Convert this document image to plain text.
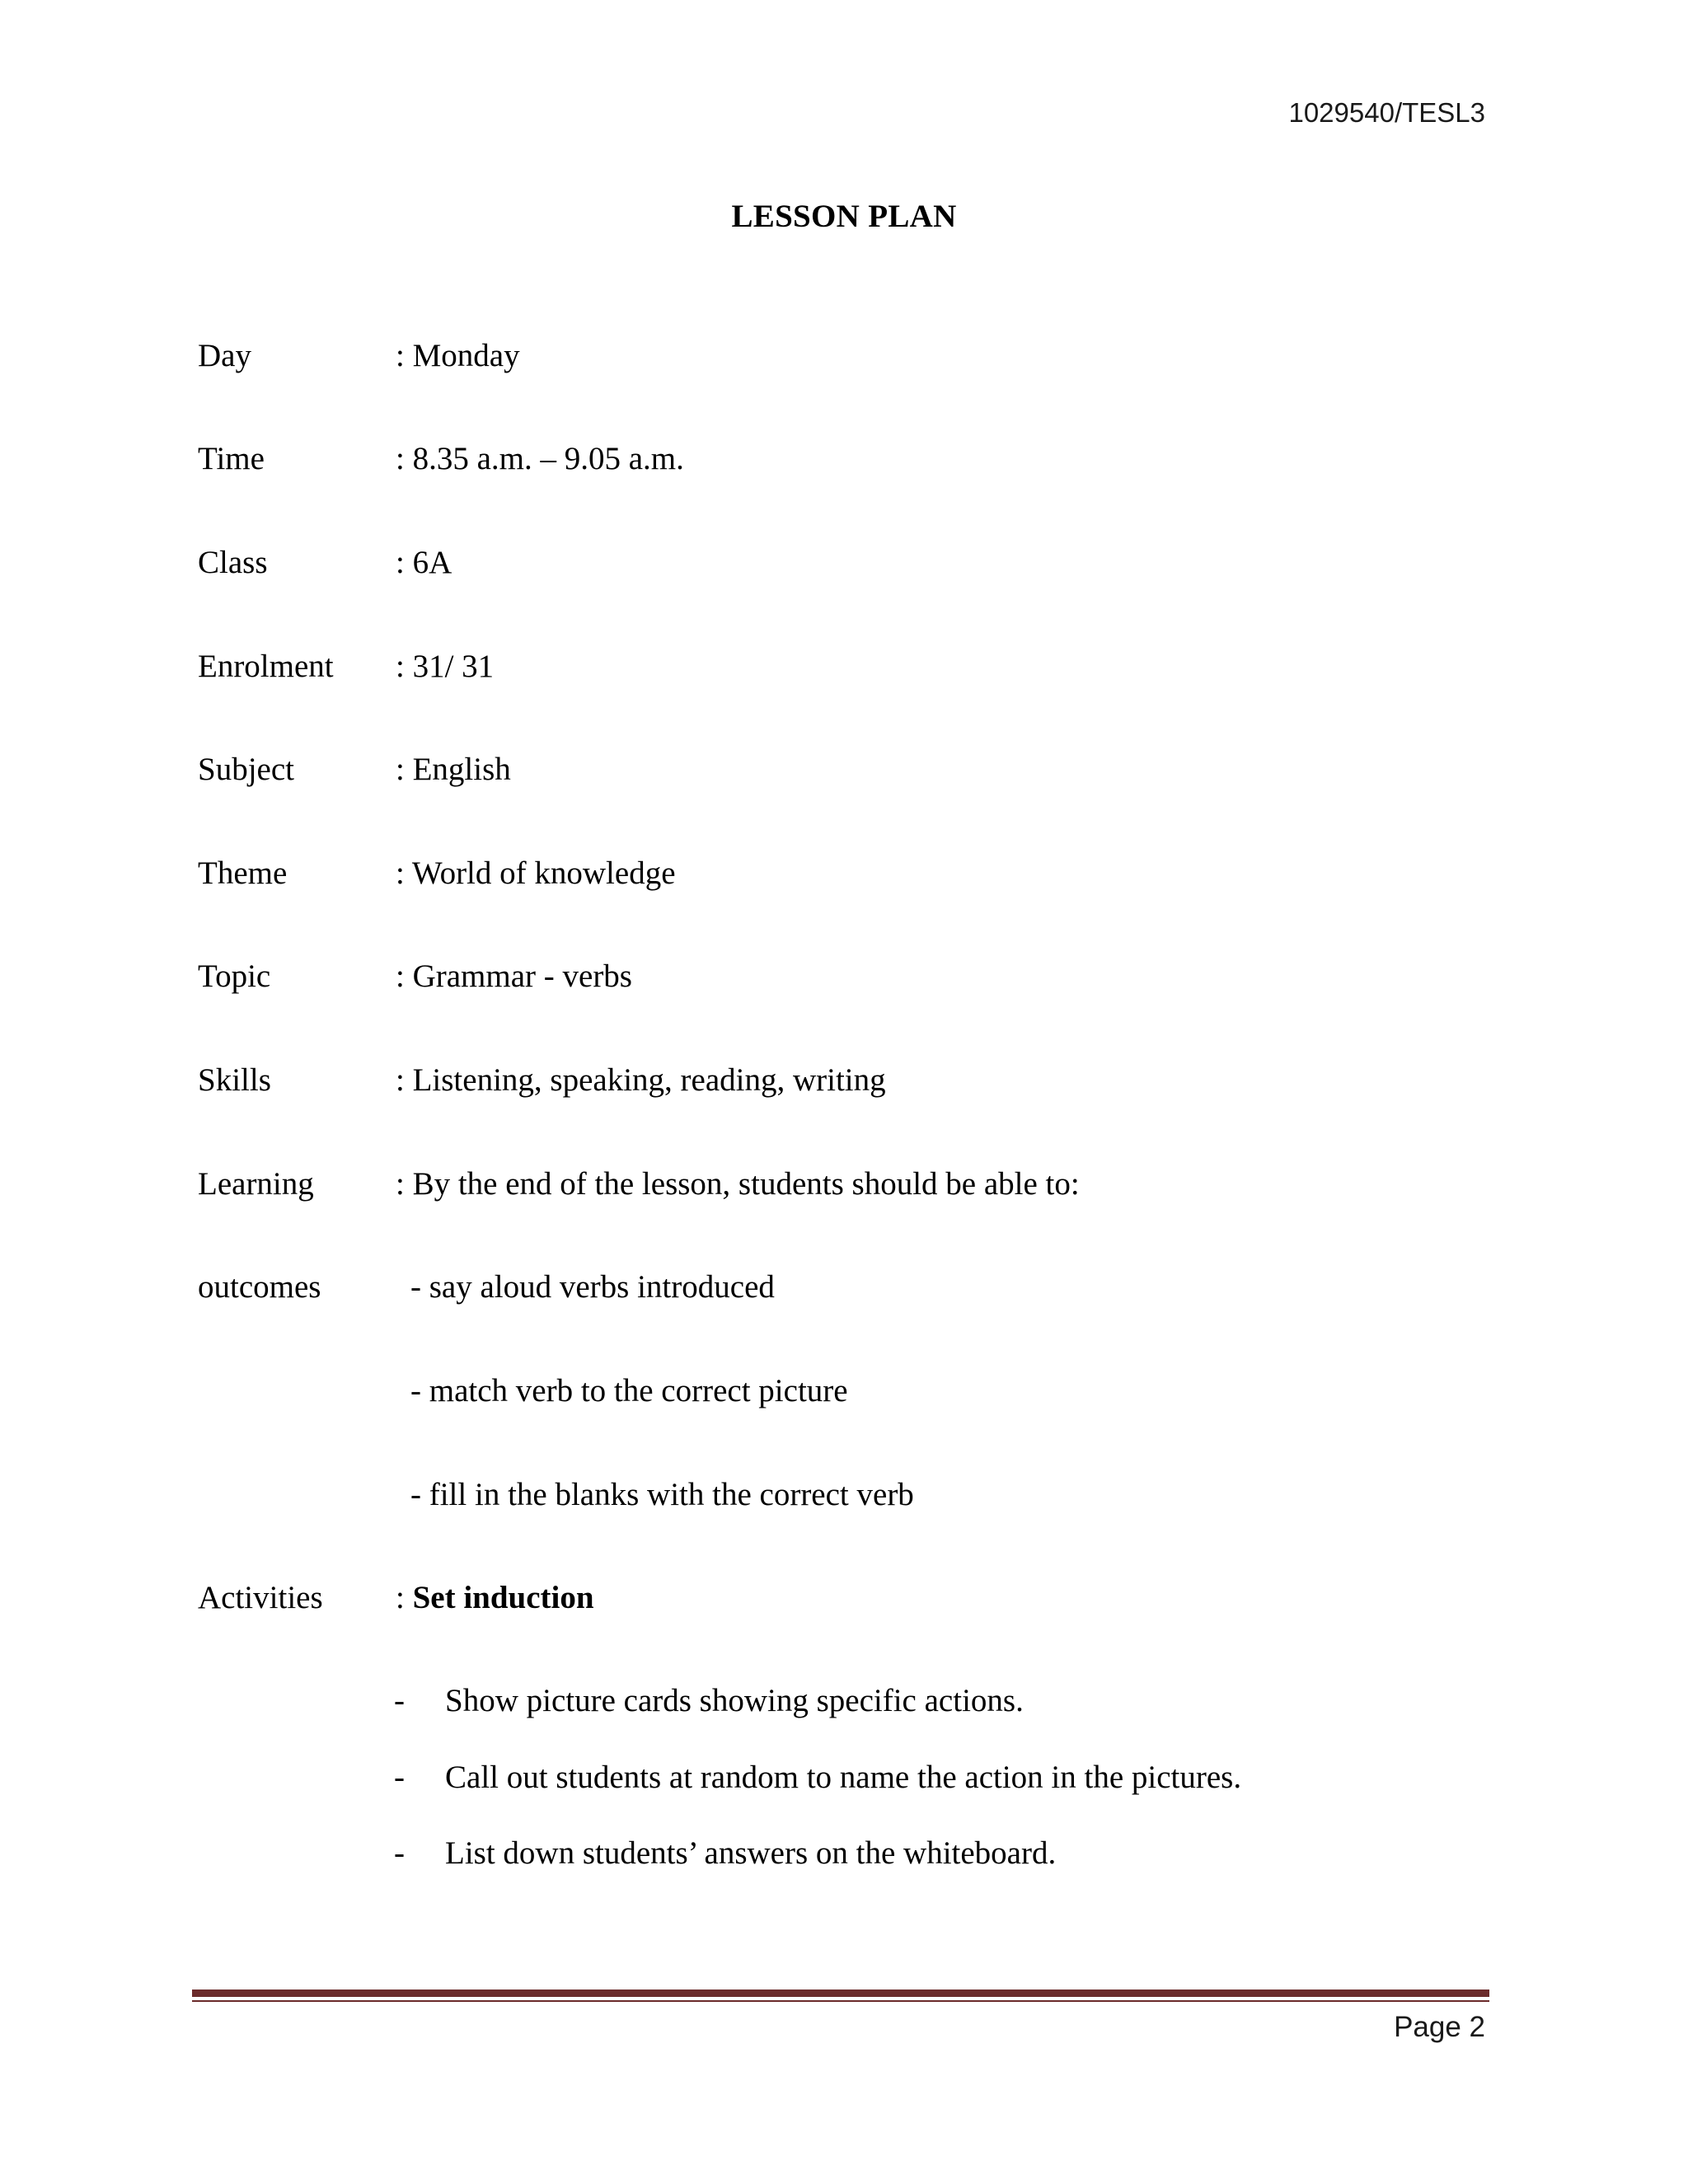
1029540/TESL3
LESSON PLAN
Day	: Monday
Time	: 8.35 a.m. – 9.05 a.m.
Class	: 6A
Enrolment : 31/ 31
Subject	: English
Theme	: World of knowledge
Topic	: Grammar - verbs
Skills	: Listening, speaking, reading, writing
Learning	: By the end of the lesson, students should be able to:
outcomes	- say aloud verbs introduced
- match verb to the correct picture
- fill in the blanks with the correct verb
Activities : Set induction
- Show picture cards showing specific actions.
- Call out students at random to name the action in the pictures.
- List down students’ answers on the whiteboard.
Page 2
